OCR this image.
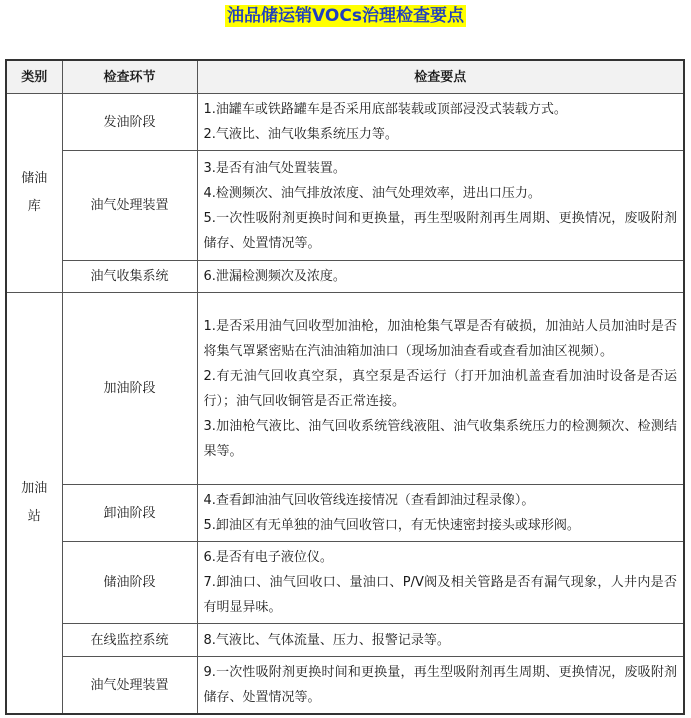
油品储运销VOCs治理检查要点
类别	检查环节	检查要点
储油库	发油阶段	1.油罐车或铁路罐车是否采用底部装载或顶部浸没式装载方式。
2.气液比、油气收集系统压力等。

	油气处理装置	3.是否有油气处置装置。
4.检测频次、油气排放浓度、油气处理效率，进出口压力。
5.一次性吸附剂更换时间和更换量，再生型吸附剂再生周期、更换情况，废吸附剂储存、处置情况等。

	油气收集系统	6.泄漏检测频次及浓度。

加油站	加油阶段	1.是否采用油气回收型加油枪，加油枪集气罩是否有破损，加油站人员加油时是否将集气罩紧密贴在汽油油箱加油口（现场加油查看或查看加油区视频）。
2.有无油气回收真空泵，真空泵是否运行（打开加油机盖查看加油时设备是否运行）；油气回收铜管是否正常连接。
3.加油枪气液比、油气回收系统管线液阻、油气收集系统压力的检测频次、检测结果等。

	卸油阶段	4.查看卸油油气回收管线连接情况（查看卸油过程录像）。
5.卸油区有无单独的油气回收管口，有无快速密封接头或球形阀。

	储油阶段	6.是否有电子液位仪。
7.卸油口、油气回收口、量油口、P/V阀及相关管路是否有漏气现象，人井内是否有明显异味。

	在线监控系统	8.气液比、气体流量、压力、报警记录等。

	油气处理装置	9.一次性吸附剂更换时间和更换量，再生型吸附剂再生周期、更换情况，废吸附剂储存、处置情况等。
